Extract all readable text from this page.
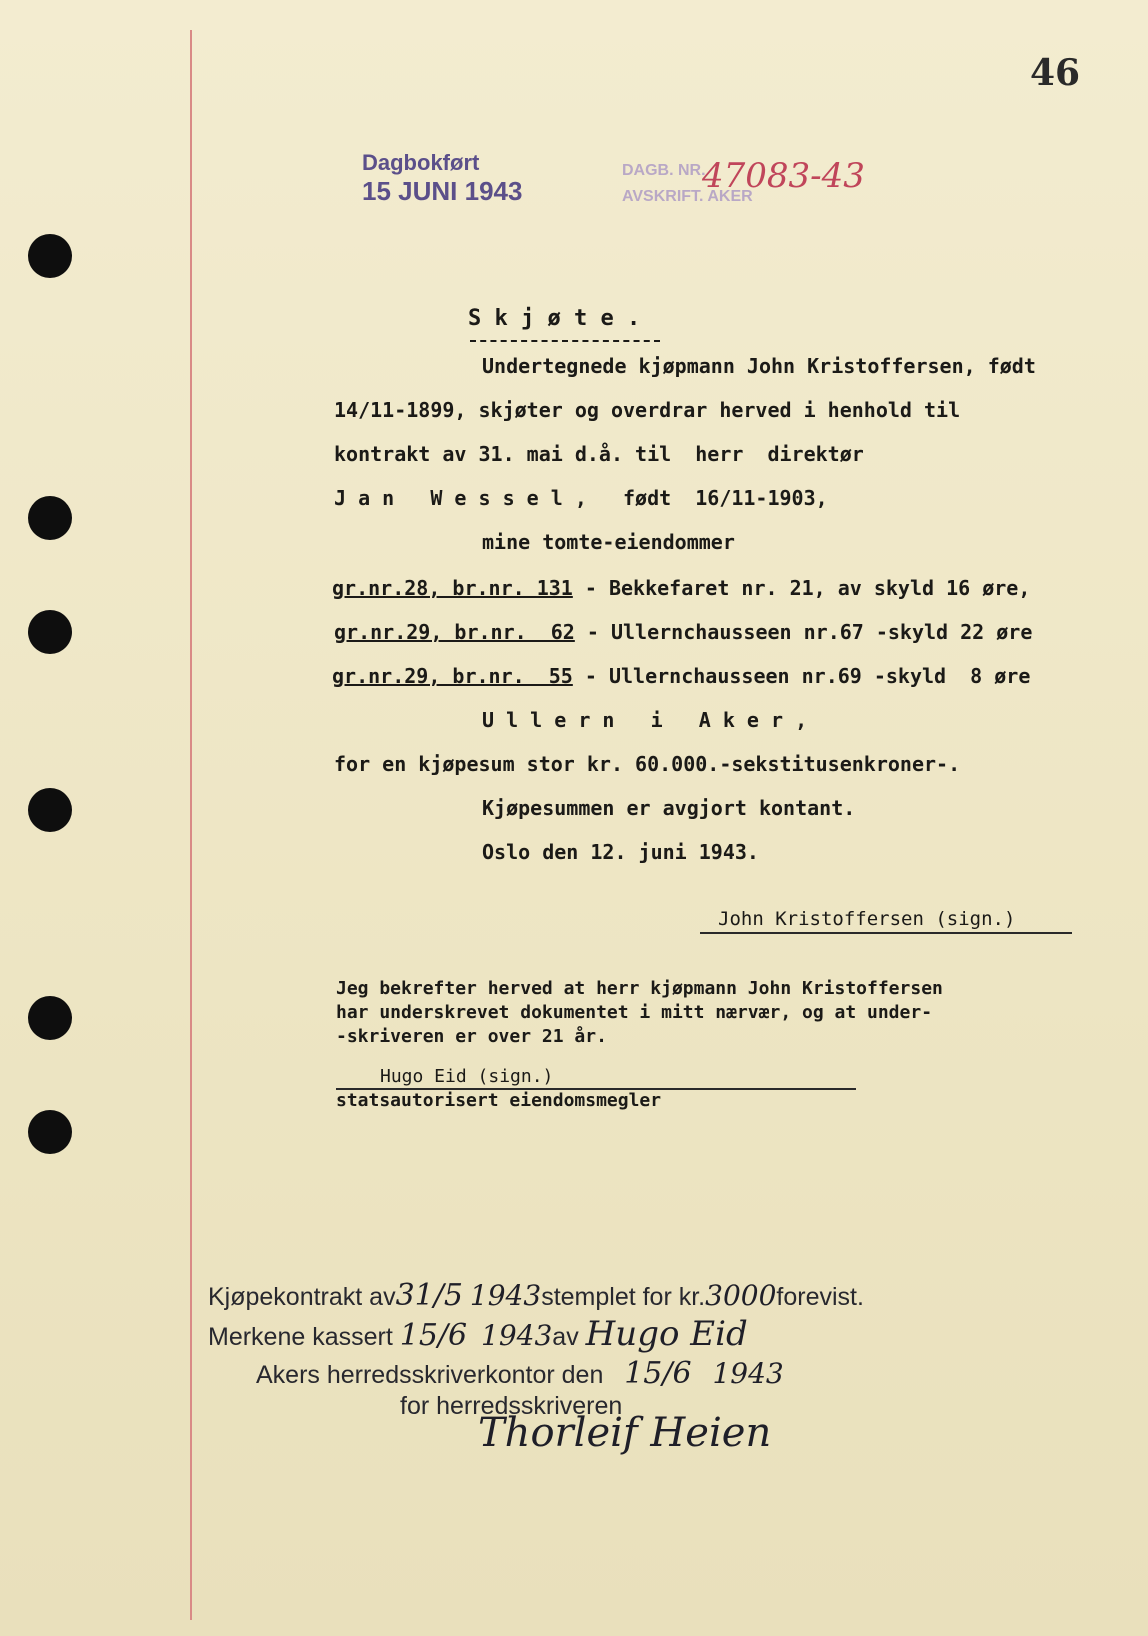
46
Dagbokført
15 JUNI 1943
DAGB. NR.
AVSKRIFT. AKER
47083-43
S k j ø t e .
Undertegnede kjøpmann John Kristoffersen, født
14/11-1899, skjøter og overdrar herved i henhold til
kontrakt av 31. mai d.å. til  herr  direktør
J a n   W e s s e l ,   født  16/11-1903,
mine tomte-eiendommer
gr.nr.28, br.nr. 131 - Bekkefaret nr. 21, av skyld 16 øre,
gr.nr.29, br.nr.  62 - Ullernchausseen nr.67 -skyld 22 øre
gr.nr.29, br.nr.  55 - Ullernchausseen nr.69 -skyld  8 øre
U l l e r n   i   A k e r ,
for en kjøpesum stor kr. 60.000.-sekstitusenkroner-.
Kjøpesummen er avgjort kontant.
Oslo den 12. juni 1943.
John Kristoffersen (sign.)
Jeg bekrefter herved at herr kjøpmann John Kristoffersen
har underskrevet dokumentet i mitt nærvær, og at under-
-skriveren er over 21 år.
Hugo Eid (sign.)
statsautorisert eiendomsmegler
Kjøpekontrakt av31/5 1943stemplet for kr.3000forevist.
Merkene kassert 15/6 1943av Hugo Eid
Akers herredsskriverkontor den 15/6 1943
for herredsskriveren
Thorleif Heien
